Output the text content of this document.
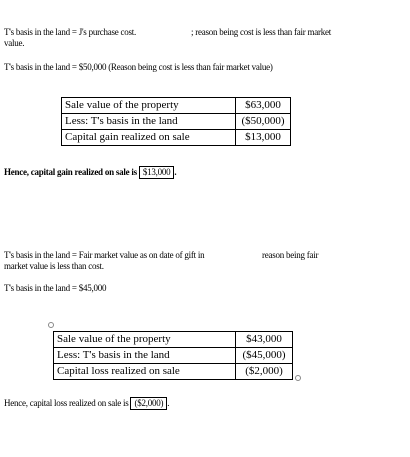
T's basis in the land = J's purchase cost.	; reason being cost is less than fair market
value.
T's basis in the land = $50,000 (Reason being cost is less than fair market value)
Sale value of the property	$63,000
Less: T's basis in the land	($50,000)
Capital gain realized on sale	$13,000
Hence, capital gain realized on sale is $13,000 .
T's basis in the land = Fair market value as on date of gift in	reason being fair
market value is less than cost.
T's basis in the land = $45,000
Sale value of the property	$43,000
Less: T's basis in the land	($45,000)
Capital loss realized on sale	($2,000)
Hence, capital loss realized on sale is ($2,000) .
